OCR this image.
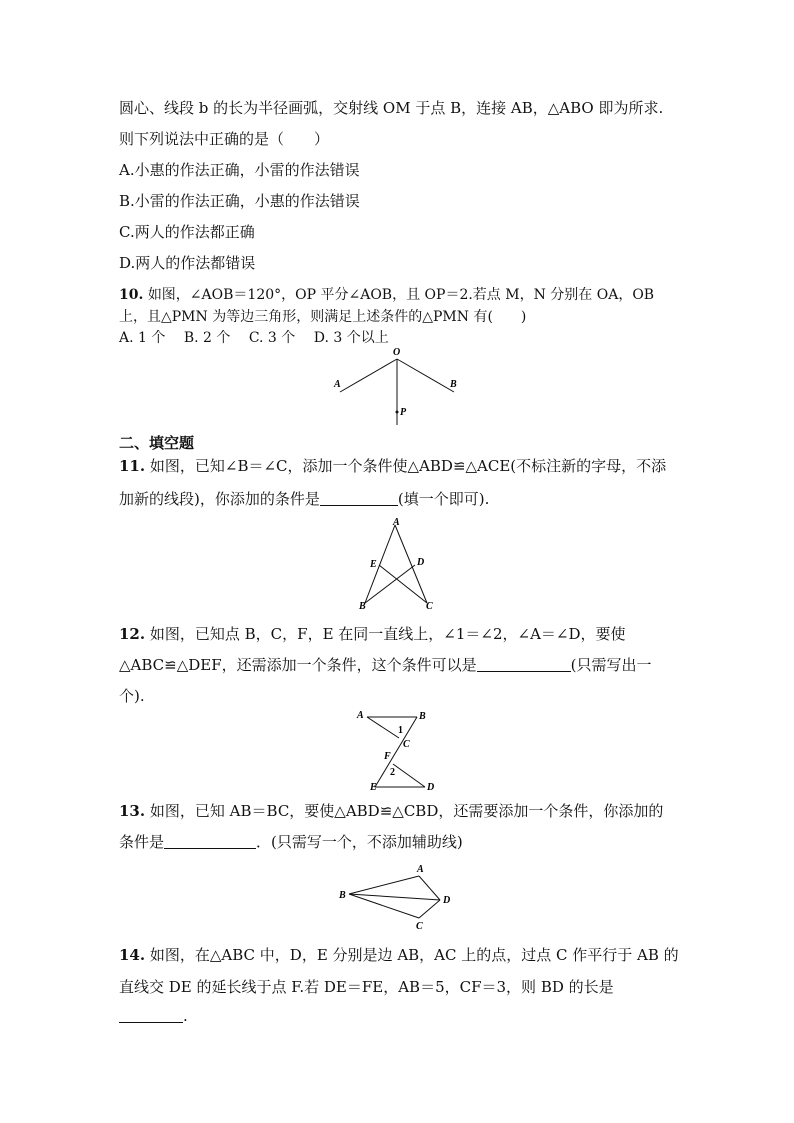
圆心、线段 b 的长为半径画弧，交射线 OM 于点 B，连接 AB，△ABO 即为所求.
则下列说法中正确的是（　　）
A.小惠的作法正确，小雷的作法错误
B.小雷的作法正确，小惠的作法错误
C.两人的作法都正确
D.两人的作法都错误
10. 如图，∠AOB＝120°，OP 平分∠AOB，且 OP＝2.若点 M，N 分别在 OA，OB
上，且△PMN 为等边三角形，则满足上述条件的△PMN 有(　　)
A. 1 个　 B. 2 个　 C. 3 个　 D. 3 个以上
O
A	B
P
二、填空题
11. 如图，已知∠B＝∠C，添加一个条件使△ABD≌△ACE(不标注新的字母，不添
加新的线段)，你添加的条件是	(填一个即可).
A
E	D
B	C
12. 如图，已知点 B，C，F，E 在同一直线上，∠1＝∠2，∠A＝∠D，要使
△ABC≌△DEF，还需添加一个条件，这个条件可以是	(只需写出一
个).
A	B
1
C
F
2
E	D
13. 如图，已知 AB＝BC，要使△ABD≌△CBD，还需要添加一个条件，你添加的
条件是	．(只需写一个，不添加辅助线)
A
B	D
C
14. 如图，在△ABC 中，D，E 分别是边 AB，AC 上的点，过点 C 作平行于 AB 的
直线交 DE 的延长线于点 F.若 DE＝FE，AB＝5，CF＝3，则 BD 的长是
.
